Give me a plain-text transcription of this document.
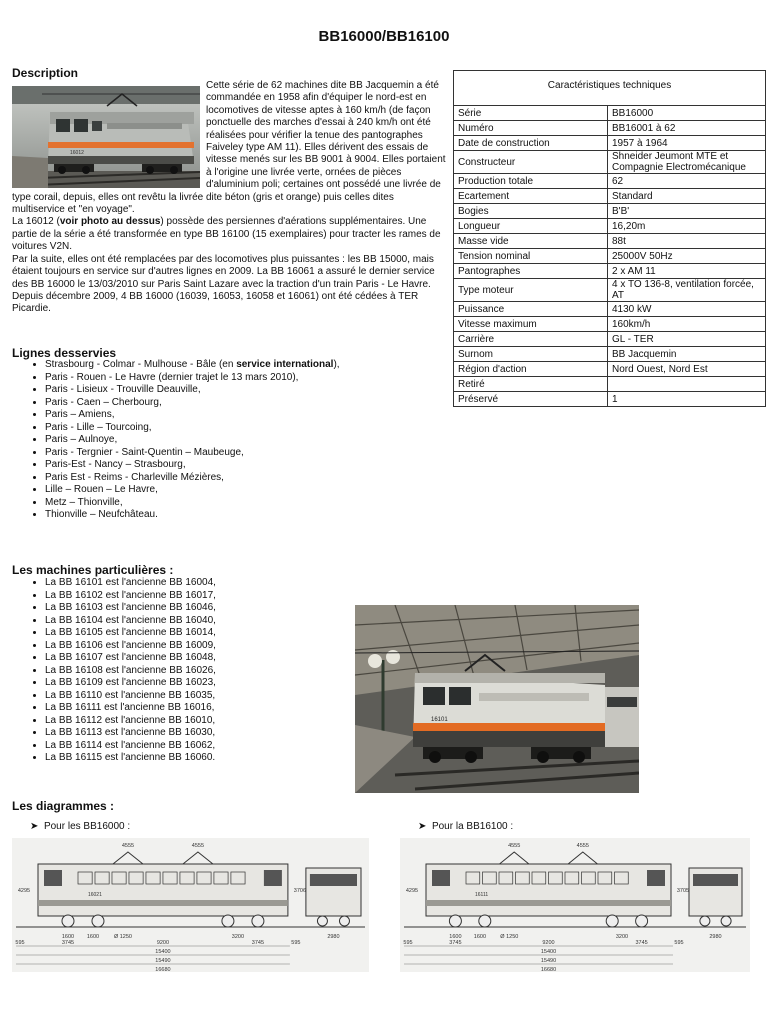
BB16000/BB16100
Description

Cette série de 62 machines dite BB Jacquemin a été commandée en 1958 afin d'équiper le nord-est en locomotives de vitesse aptes à 160 km/h (de façon ponctuelle des marches d'essai à 240 km/h ont été réalisées pour vérifier la tenue des pantographes Faiveley type AM 11). Elles dérivent des essais de vitesse menés sur les BB 9001 à 9004. Elles portaient à l'origine une livrée verte, ornées de pièces d'aluminium poli; certaines ont possédé une livrée de type corail, depuis, elles ont revêtu la livrée dite béton (gris et orange) puis celles dites multiservice et "en voyage".

La 16012 (voir photo au dessus) possède des persiennes d'aérations supplémentaires. Une partie de la série a été transformée en type BB 16100 (15 exemplaires) pour tracter les rames de voitures V2N.

Par la suite, elles ont été remplacées par des locomotives plus puissantes : les BB 15000, mais étaient toujours en service sur d'autres lignes en 2009. La BB 16061 a assuré le dernier service des BB 16000 le 13/03/2010 sur Paris Saint Lazare avec la traction d'un train Paris - Le Havre.

Depuis décembre 2009, 4 BB 16000 (16039, 16053, 16058 et 16061) ont été cédées à TER Picardie.

16012
Caractéristiques techniques
Série	BB16000
Numéro	BB16001 à 62
Date de construction	1957 à 1964
Constructeur	Shneider Jeumont MTE et Compagnie Electromécanique
Production totale	62
Ecartement	Standard
Bogies	B'B'
Longueur	16,20m
Masse vide	88t
Tension nominal	25000V 50Hz
Pantographes	2 x AM 11
Type moteur	4 x TO 136-8, ventilation forcée, AT
Puissance	4130 kW
Vitesse maximum	160km/h
Carrière	GL - TER
Surnom	BB Jacquemin
Région d'action	Nord Ouest, Nord Est
Retiré	
Préservé	1
Lignes desservies
• Strasbourg - Colmar - Mulhouse - Bâle (en service international),
• Paris - Rouen - Le Havre (dernier trajet le 13 mars 2010),
• Paris - Lisieux - Trouville Deauville,
• Paris - Caen – Cherbourg,
• Paris – Amiens,
• Paris - Lille – Tourcoing,
• Paris – Aulnoye,
• Paris - Tergnier - Saint-Quentin – Maubeuge,
• Paris-Est - Nancy – Strasbourg,
• Paris Est - Reims - Charleville Mézières,
• Lille – Rouen – Le Havre,
• Metz – Thionville,
• Thionville – Neufchâteau.
Les machines particulières :
• La BB 16101 est l'ancienne BB 16004,
• La BB 16102 est l'ancienne BB 16017,
• La BB 16103 est l'ancienne BB 16046,
• La BB 16104 est l'ancienne BB 16040,
• La BB 16105 est l'ancienne BB 16014,
• La BB 16106 est l'ancienne BB 16009,
• La BB 16107 est l'ancienne BB 16048,
• La BB 16108 est l'ancienne BB 16026,
• La BB 16109 est l'ancienne BB 16023,
• La BB 16110 est l'ancienne BB 16035,
• La BB 16111 est l'ancienne BB 16016,
• La BB 16112 est l'ancienne BB 16010,
• La BB 16113 est l'ancienne BB 16030,
• La BB 16114 est l'ancienne BB 16062,
• La BB 16115 est l'ancienne BB 16060.
16101
Les diagrammes :
➤ Pour les BB16000 :	➤ Pour la BB16100 :
4555	4555
4295	3706
1600 1600	Ø 1250	3200
595	3745	9200	3745	595
15400
15490
16680
2980
16021
4555	4555
4295	3705
1600 1600	Ø 1250	3200
595	3745	9200	3745	595
15400
15490
16680
2980
16111
